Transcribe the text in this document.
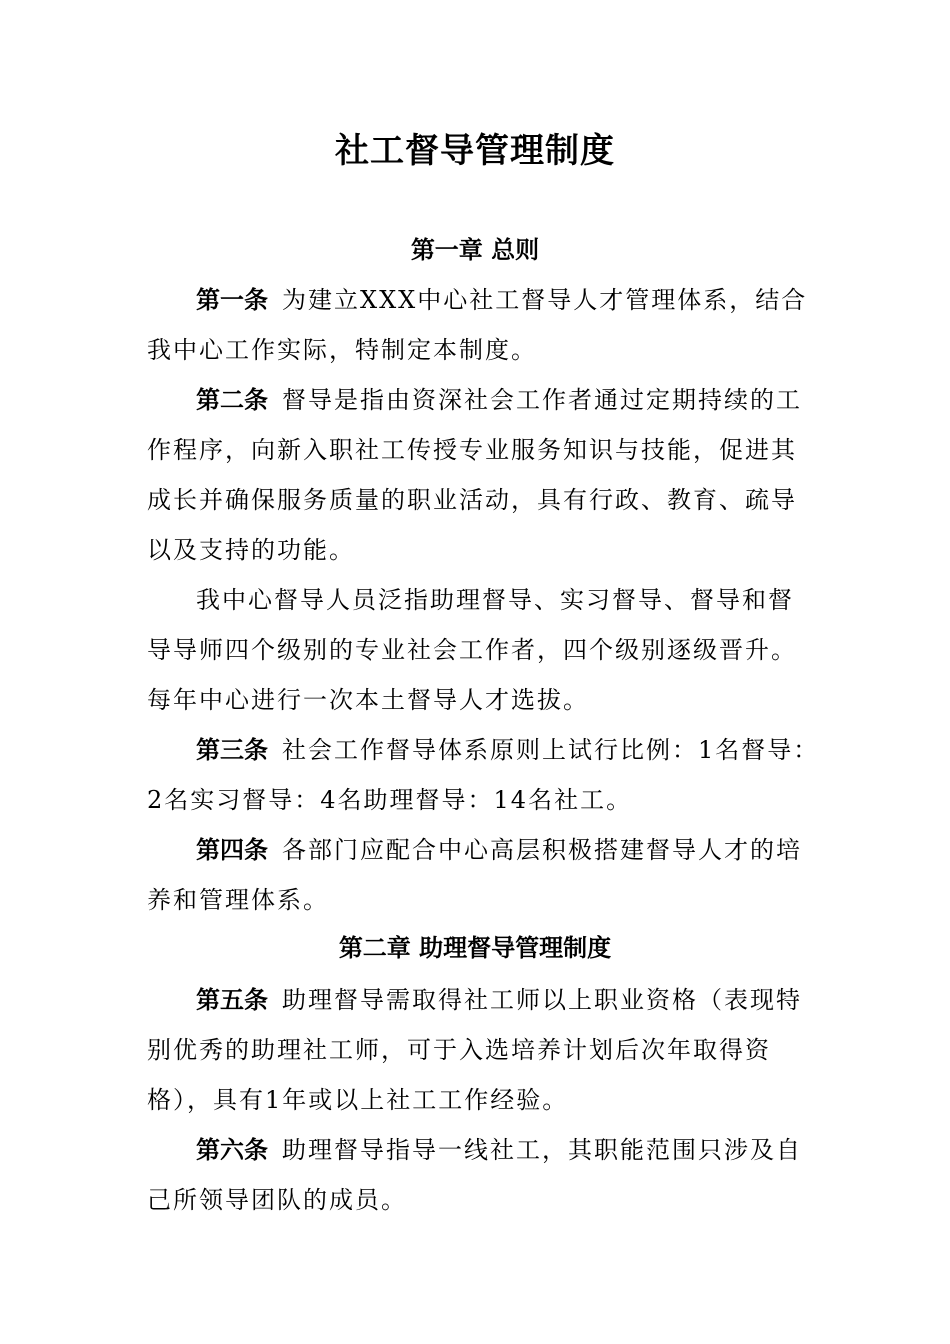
社工督导管理制度
第一章 总则
第一条 为建立XXX中心社工督导人才管理体系，结合
我中心工作实际，特制定本制度。
第二条 督导是指由资深社会工作者通过定期持续的工
作程序，向新入职社工传授专业服务知识与技能，促进其
成长并确保服务质量的职业活动，具有行政、教育、疏导
以及支持的功能。
我中心督导人员泛指助理督导、实习督导、督导和督
导导师四个级别的专业社会工作者，四个级别逐级晋升。
每年中心进行一次本土督导人才选拔。
第三条 社会工作督导体系原则上试行比例：1名督导：
2名实习督导：4名助理督导：14名社工。
第四条 各部门应配合中心高层积极搭建督导人才的培
养和管理体系。
第二章 助理督导管理制度
第五条 助理督导需取得社工师以上职业资格（表现特
别优秀的助理社工师，可于入选培养计划后次年取得资
格），具有1年或以上社工工作经验。
第六条 助理督导指导一线社工，其职能范围只涉及自
己所领导团队的成员。
